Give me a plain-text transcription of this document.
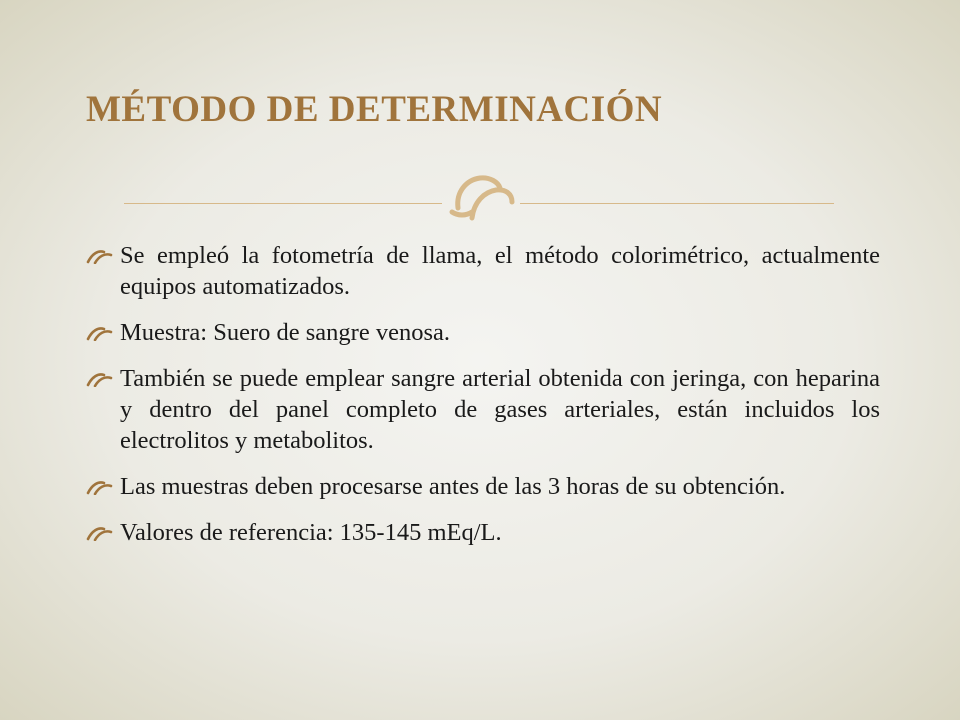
MÉTODO DE DETERMINACIÓN
Se empleó la fotometría de llama, el método colorimétrico, actualmente equipos automatizados.
Muestra: Suero de sangre venosa.
También se puede emplear sangre arterial obtenida con jeringa, con heparina y dentro del panel completo de gases arteriales, están incluidos los electrolitos y metabolitos.
Las muestras deben procesarse antes de las 3 horas de su obtención.
Valores de referencia: 135-145 mEq/L.
